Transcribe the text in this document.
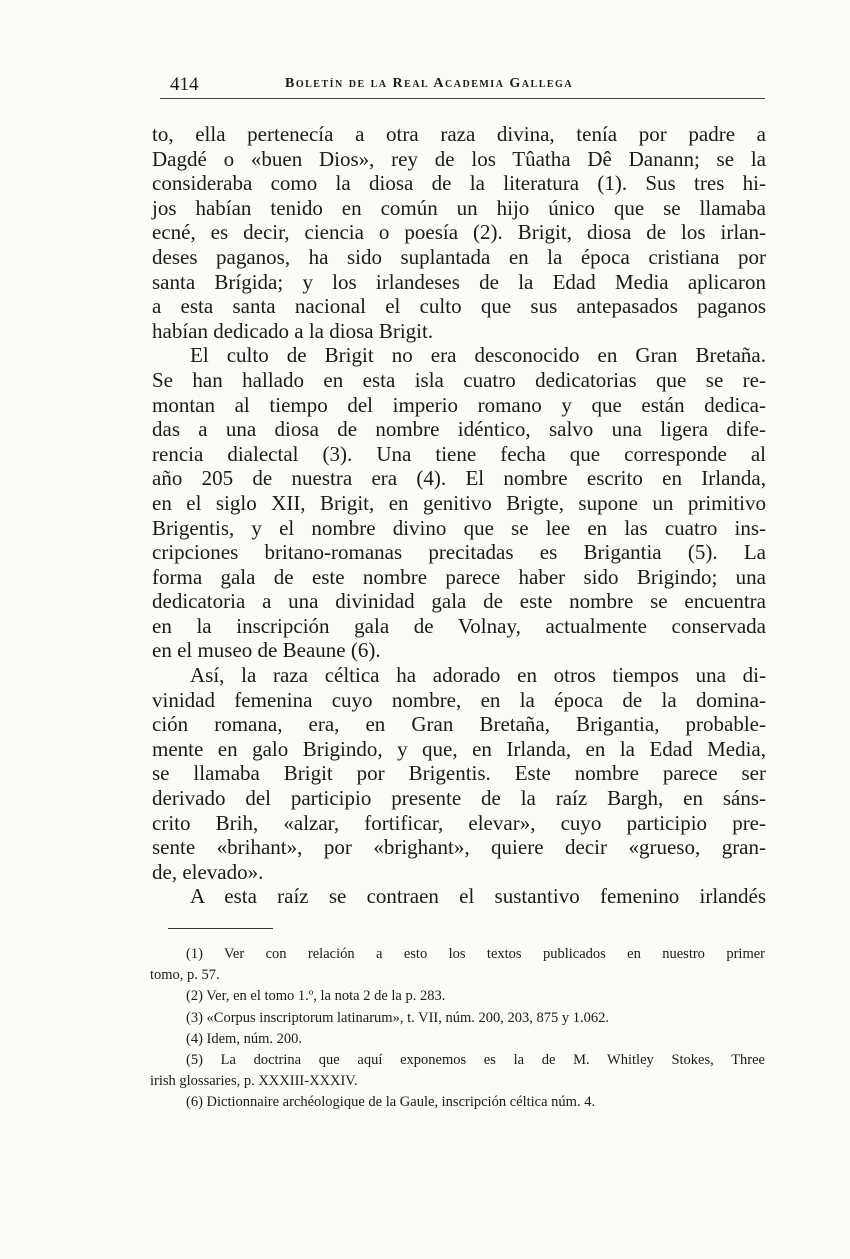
414	Boletín de la Real Academia Gallega
to, ella pertenecía a otra raza divina, tenía por padre a
Dagdé o «buen Dios», rey de los Tûatha Dê Danann; se la
consideraba como la diosa de la literatura (1). Sus tres hi-
jos habían tenido en común un hijo único que se llamaba
ecné, es decir, ciencia o poesía (2). Brigit, diosa de los irlan-
deses paganos, ha sido suplantada en la época cristiana por
santa Brígida; y los irlandeses de la Edad Media aplicaron
a esta santa nacional el culto que sus antepasados paganos
habían dedicado a la diosa Brigit.
El culto de Brigit no era desconocido en Gran Bretaña.
Se han hallado en esta isla cuatro dedicatorias que se re-
montan al tiempo del imperio romano y que están dedica-
das a una diosa de nombre idéntico, salvo una ligera dife-
rencia dialectal (3). Una tiene fecha que corresponde al
año 205 de nuestra era (4). El nombre escrito en Irlanda,
en el siglo XII, Brigit, en genitivo Brigte, supone un primitivo
Brigentis, y el nombre divino que se lee en las cuatro ins-
cripciones britano-romanas precitadas es Brigantia (5). La
forma gala de este nombre parece haber sido Brigindo; una
dedicatoria a una divinidad gala de este nombre se encuentra
en la inscripción gala de Volnay, actualmente conservada
en el museo de Beaune (6).
Así, la raza céltica ha adorado en otros tiempos una di-
vinidad femenina cuyo nombre, en la época de la domina-
ción romana, era, en Gran Bretaña, Brigantia, probable-
mente en galo Brigindo, y que, en Irlanda, en la Edad Media,
se llamaba Brigit por Brigentis. Este nombre parece ser
derivado del participio presente de la raíz Bargh, en sáns-
crito Brih, «alzar, fortificar, elevar», cuyo participio pre-
sente «brihant», por «brighant», quiere decir «grueso, gran-
de, elevado».
A esta raíz se contraen el sustantivo femenino irlandés
(1) Ver con relación a esto los textos publicados en nuestro primer
tomo, p. 57.
(2) Ver, en el tomo 1.º, la nota 2 de la p. 283.
(3) «Corpus inscriptorum latinarum», t. VII, núm. 200, 203, 875 y 1.062.
(4) Idem, núm. 200.
(5) La doctrina que aquí exponemos es la de M. Whitley Stokes, Three
irish glossaries, p. XXXIII-XXXIV.
(6) Dictionnaire archéologique de la Gaule, inscripción céltica núm. 4.
